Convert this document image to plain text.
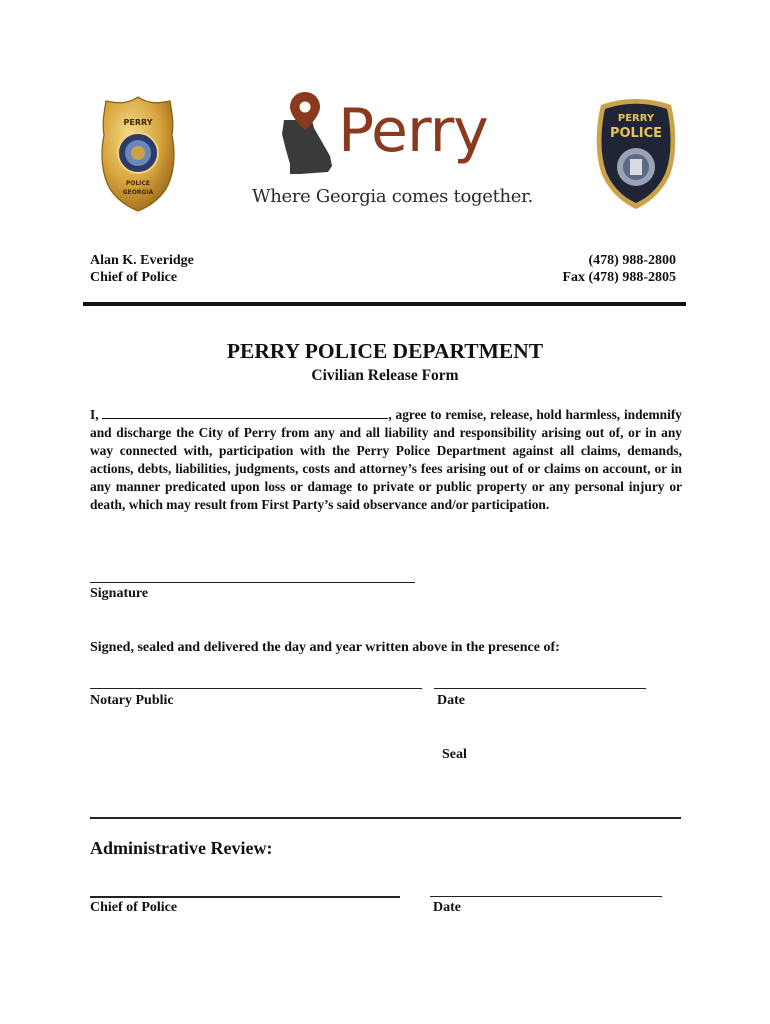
PERRY
POLICE
GEORGIA
Perry
Where Georgia comes together.
PERRY
POLICE
Alan K. Everidge
Chief of Police
(478) 988-2800
Fax (478) 988-2805
PERRY POLICE DEPARTMENT
Civilian Release Form
I,	, agree to remise, release, hold harmless, indemnify and discharge the City of Perry from any and all liability and responsibility arising out of, or in any way connected with, participation with the Perry Police Department against all claims, demands, actions, debts, liabilities, judgments, costs and attorney’s fees arising out of or claims on account, or in any manner predicated upon loss or damage to private or public property or any personal injury or death, which may result from First Party’s said observance and/or participation.
Signature
Signed, sealed and delivered the day and year written above in the presence of:
Notary Public	Date
Seal
Administrative Review:
Chief of Police	Date
